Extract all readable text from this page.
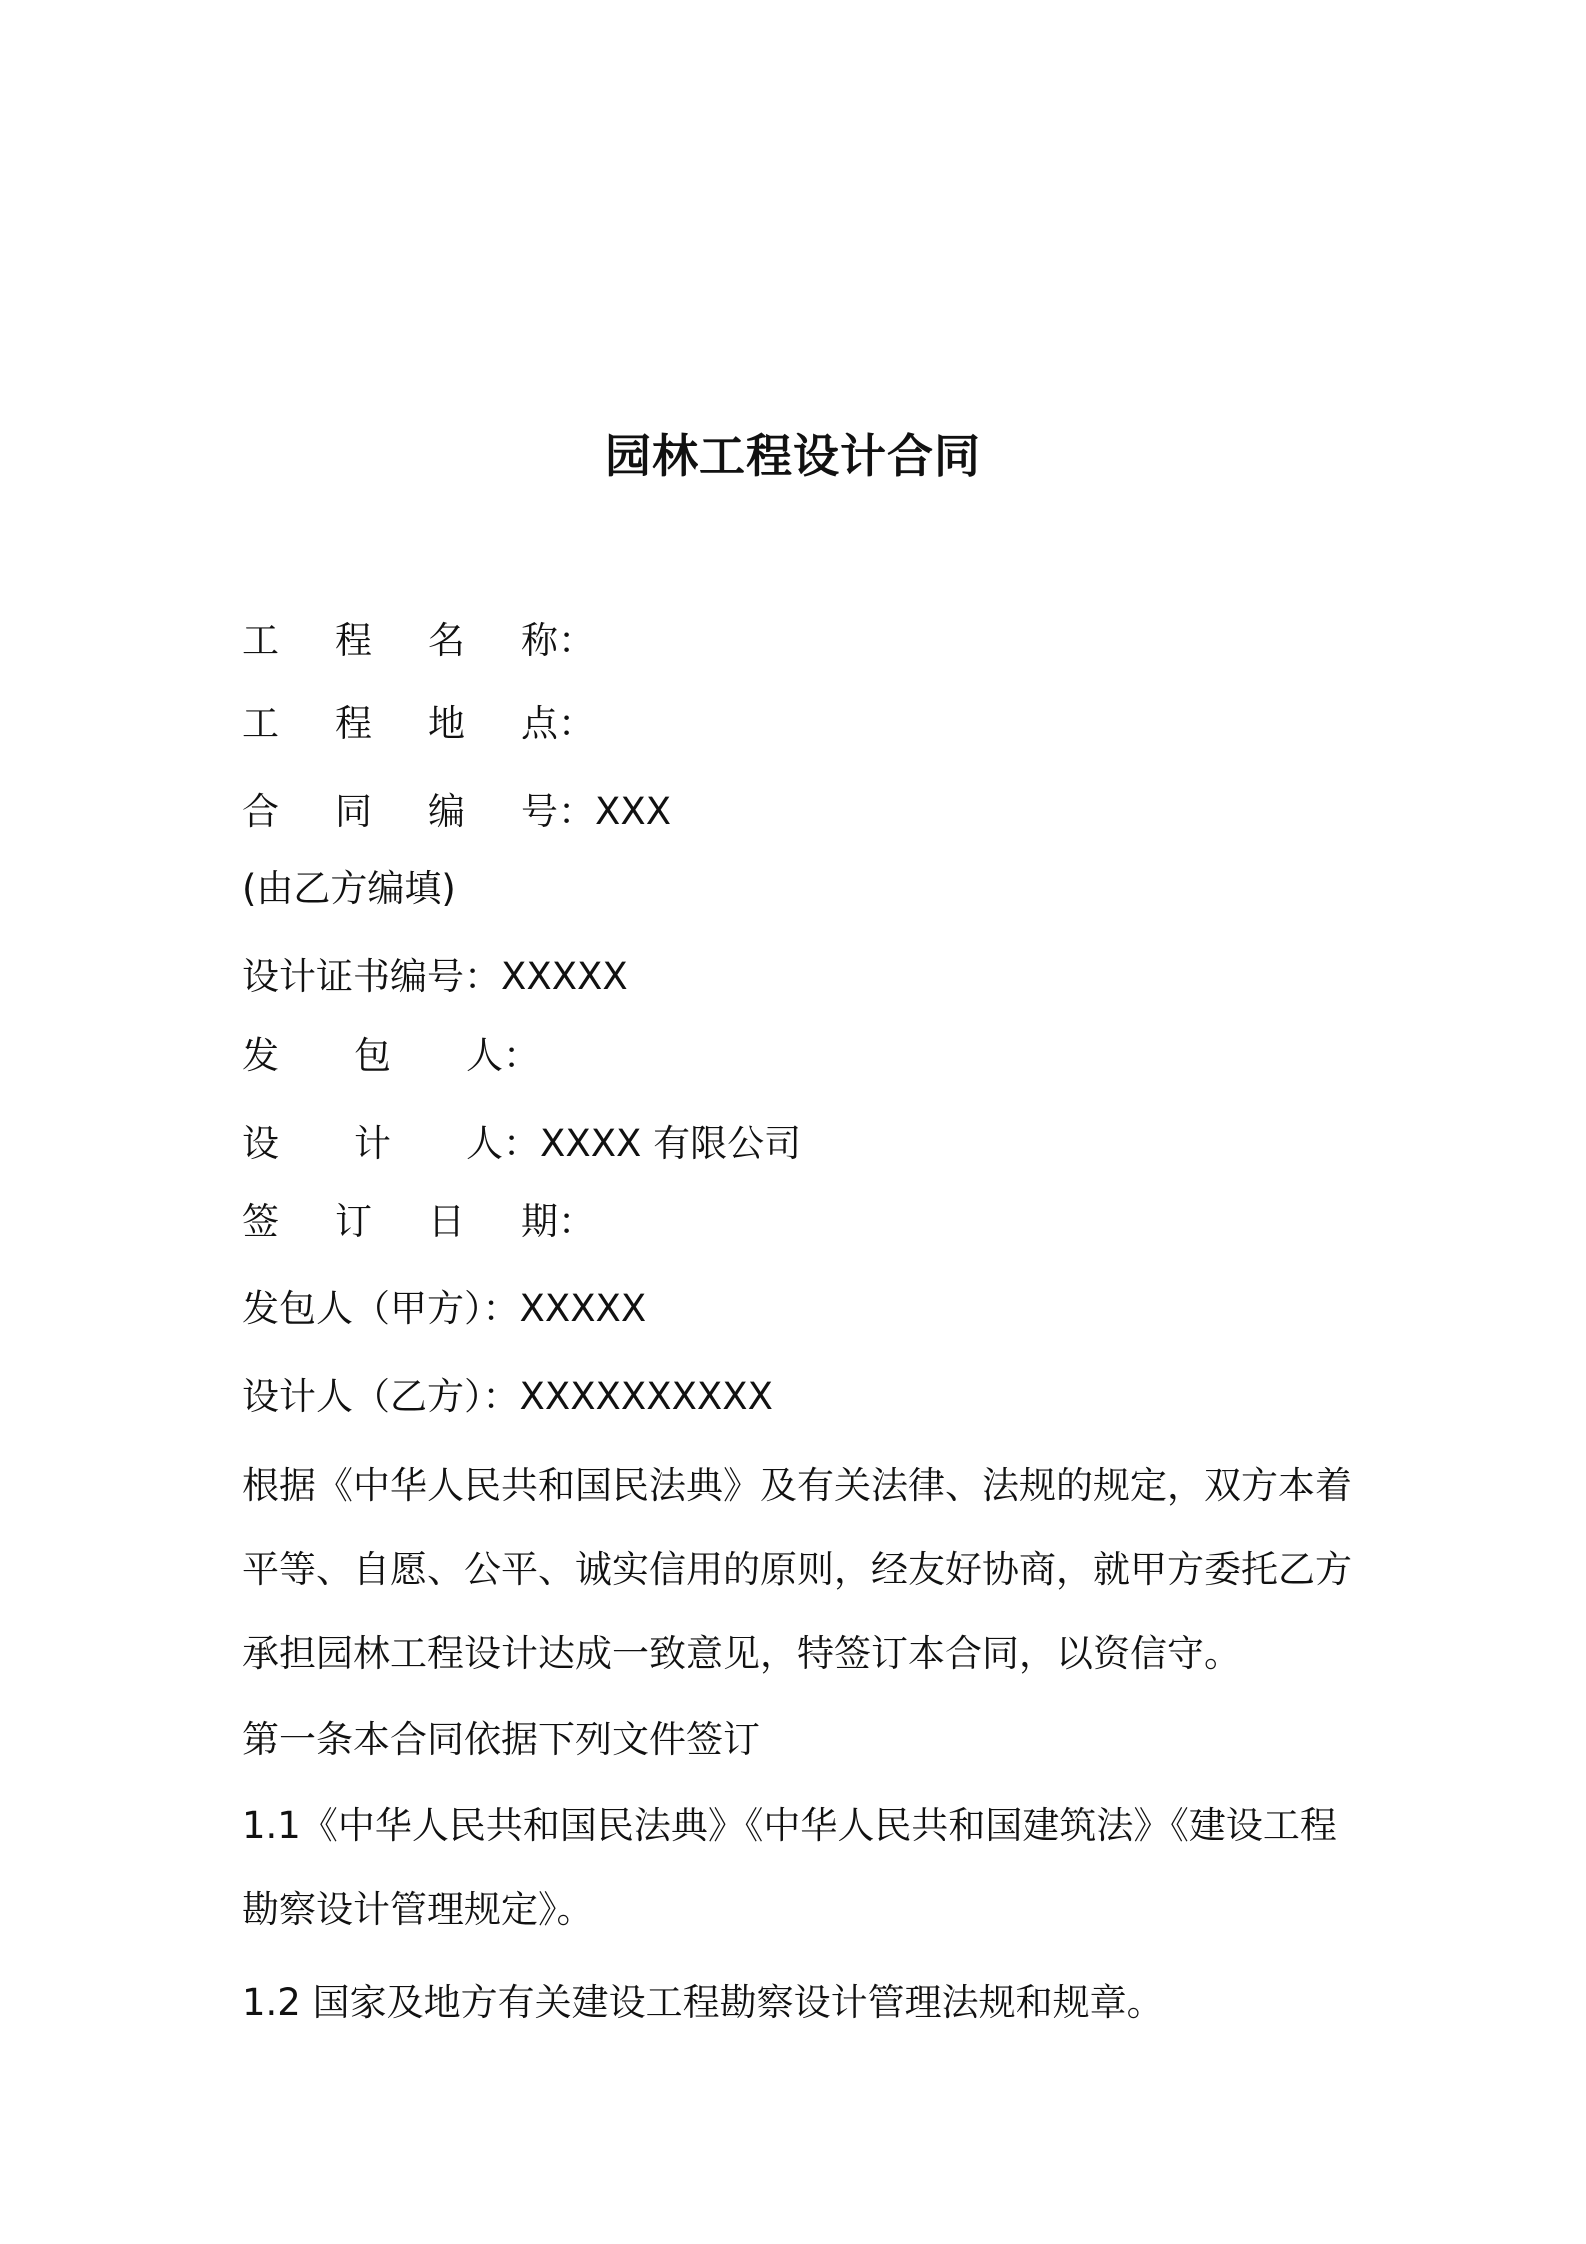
园林工程设计合同
工 程 名 称：
工 程 地 点：
合 同 编 号：XXX
(由乙方编填)
设计证书编号：XXXXX
发 包 人：
设 计 人：XXXX 有限公司
签 订 日 期：
发包人（甲方）：XXXXX
设计人（乙方）：XXXXXXXXXX
根据《中华人民共和国民法典》及有关法律、法规的规定，双方本着平等、自愿、公平、诚实信用的原则，经友好协商，就甲方委托乙方承担园林工程设计达成一致意见，特签订本合同，以资信守。
第一条本合同依据下列文件签订
1.1《中华人民共和国民法典》《中华人民共和国建筑法》《建设工程勘察设计管理规定》。
1.2 国家及地方有关建设工程勘察设计管理法规和规章。
